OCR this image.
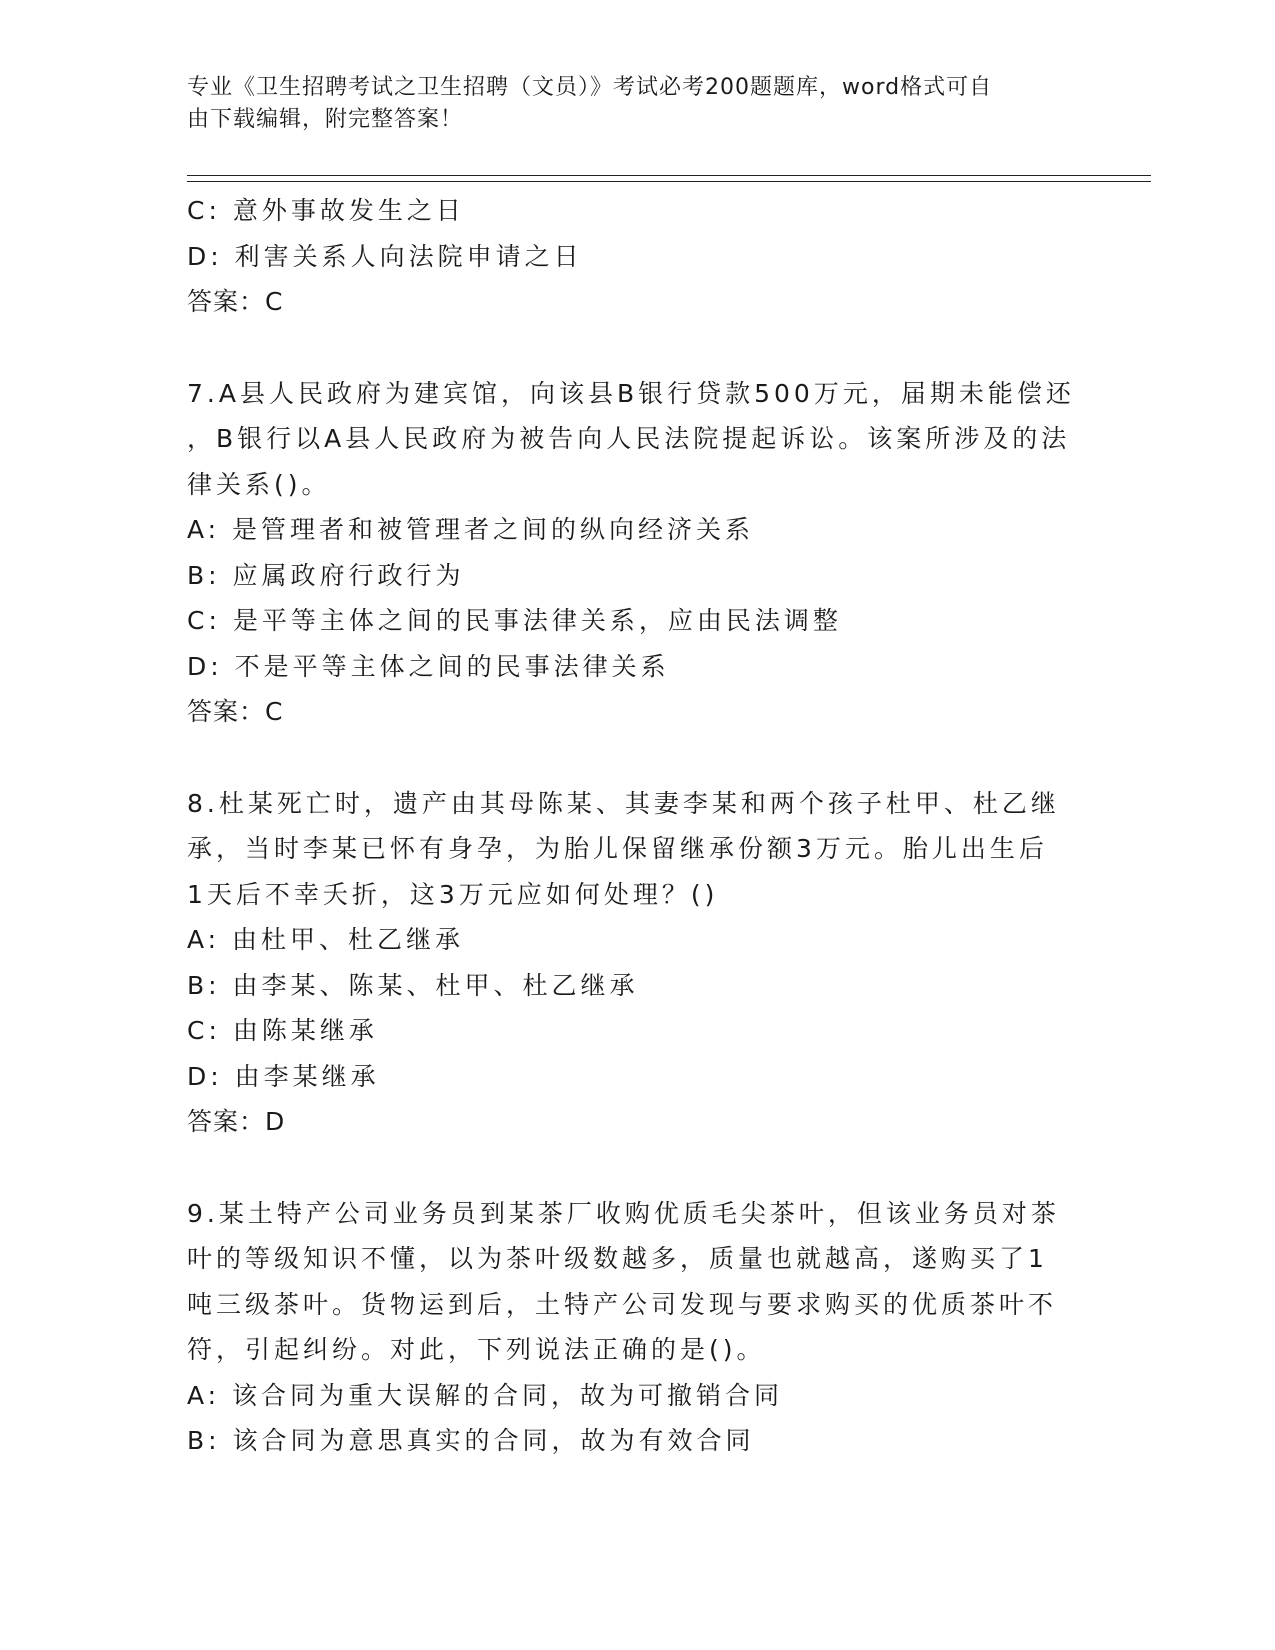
专业《卫生招聘考试之卫生招聘（文员）》考试必考200题题库，word格式可自
由下载编辑，附完整答案！
C: 意外事故发生之日
D: 利害关系人向法院申请之日
答案：C
7.A县人民政府为建宾馆，向该县B银行贷款500万元，届期未能偿还
，B银行以A县人民政府为被告向人民法院提起诉讼。该案所涉及的法
律关系()。
A: 是管理者和被管理者之间的纵向经济关系
B: 应属政府行政行为
C: 是平等主体之间的民事法律关系，应由民法调整
D: 不是平等主体之间的民事法律关系
答案：C
8.杜某死亡时，遗产由其母陈某、其妻李某和两个孩子杜甲、杜乙继
承，当时李某已怀有身孕，为胎儿保留继承份额3万元。胎儿出生后
1天后不幸夭折，这3万元应如何处理？()
A: 由杜甲、杜乙继承
B: 由李某、陈某、杜甲、杜乙继承
C: 由陈某继承
D: 由李某继承
答案：D
9.某土特产公司业务员到某茶厂收购优质毛尖茶叶，但该业务员对茶
叶的等级知识不懂，以为茶叶级数越多，质量也就越高，遂购买了1
吨三级茶叶。货物运到后，土特产公司发现与要求购买的优质茶叶不
符，引起纠纷。对此，下列说法正确的是()。
A: 该合同为重大误解的合同，故为可撤销合同
B: 该合同为意思真实的合同，故为有效合同
